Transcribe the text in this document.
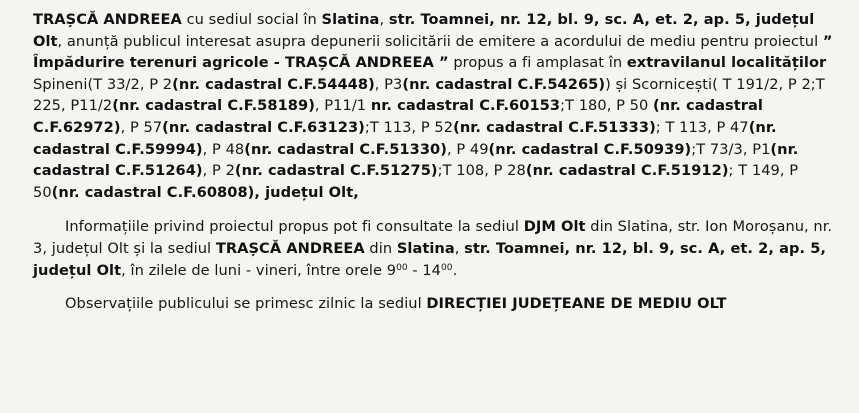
TRAȘCĂ ANDREEA cu sediul social în Slatina, str. Toamnei, nr. 12, bl. 9, sc. A, et. 2, ap. 5, județul Olt, anunță publicul interesat asupra depunerii solicitării de emitere a acordului de mediu pentru proiectul ” Împădurire terenuri agricole - TRAȘCĂ ANDREEA ” propus a fi amplasat în extravilanul localităților Spineni(T 33/2, P 2(nr. cadastral C.F.54448), P3(nr. cadastral C.F.54265)) și Scornicești( T 191/2, P 2;T 225, P11/2(nr. cadastral C.F.58189), P11/1 nr. cadastral C.F.60153;T 180, P 50 (nr. cadastral C.F.62972), P 57(nr. cadastral C.F.63123);T 113, P 52(nr. cadastral C.F.51333); T 113, P 47(nr. cadastral C.F.59994), P 48(nr. cadastral C.F.51330), P 49(nr. cadastral C.F.50939);T 73/3, P1(nr. cadastral C.F.51264), P 2(nr. cadastral C.F.51275);T 108, P 28(nr. cadastral C.F.51912); T 149, P 50(nr. cadastral C.F.60808), județul Olt,

Informațiile privind proiectul propus pot fi consultate la sediul DJM Olt din Slatina, str. Ion Moroșanu, nr. 3, județul Olt și la sediul TRAȘCĂ ANDREEA din Slatina, str. Toamnei, nr. 12, bl. 9, sc. A, et. 2, ap. 5, județul Olt, în zilele de luni - vineri, între orele $9^{00} - 14^{00}$.

Observațiile publicului se primesc zilnic la sediul DIRECȚIEI JUDEȚEANE DE MEDIU OLT
